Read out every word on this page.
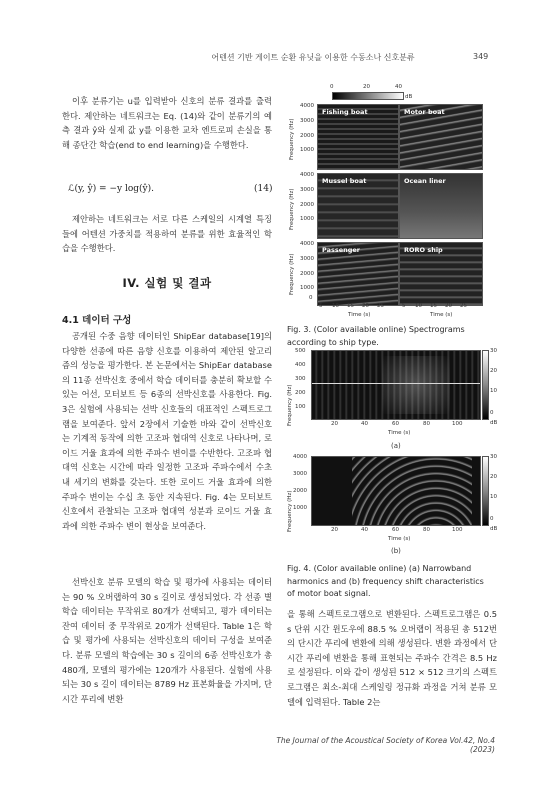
어텐션 기반 게이트 순환 유닛을 이용한 수동소나 신호분류	349

이후 분류기는 u를 입력받아 신호의 분류 결과를 출력한다. 제안하는 네트워크는 Eq. (14)와 같이 분류기의 예측 결과 ŷ와 실제 값 y를 이용한 교차 엔트로피 손실을 통해 종단간 학습(end to end learning)을 수행한다.

ℒ(y, ŷ) = −y log(ŷ).	(14)

제안하는 네트워크는 서로 다른 스케일의 시계열 특징들에 어텐션 가중치를 적용하여 분류를 위한 효율적인 학습을 수행한다.

IV. 실험 및 결과
4.1 데이터 구성

공개된 수중 음향 데이터인 ShipEar database[19]의 다양한 선종에 따른 음향 신호를 이용하여 제안된 알고리즘의 성능을 평가한다. 본 논문에서는 ShipEar database의 11종 선박신호 중에서 학습 데이터를 충분히 확보할 수 있는 어선, 모터보트 등 6종의 선박신호를 사용한다. Fig. 3은 실험에 사용되는 선박 신호들의 대표적인 스펙트로그램을 보여준다. 앞서 2장에서 기술한 바와 같이 선박신호는 기계적 동작에 의한 고조파 협대역 신호로 나타나며, 로이드 거울 효과에 의한 주파수 변이를 수반한다. 고조파 협대역 신호는 시간에 따라 일정한 고조파 주파수에서 수초 내 세기의 변화를 갖는다. 또한 로이드 거울 효과에 의한 주파수 변이는 수십 초 동안 지속된다. Fig. 4는 모터보트 신호에서 관찰되는 고조파 협대역 성분과 로이드 거울 효과에 의한 주파수 변이 현상을 보여준다.

선박신호 분류 모델의 학습 및 평가에 사용되는 데이터는 90 % 오버랩하여 30 s 길이로 생성되었다. 각 선종 별 학습 데이터는 무작위로 80개가 선택되고, 평가 데이터는 잔여 데이터 중 무작위로 20개가 선택된다. Table 1은 학습 및 평가에 사용되는 선박신호의 데이터 구성을 보여준다. 분류 모델의 학습에는 30 s 길이의 6종 선박신호가 총 480개, 모델의 평가에는 120개가 사용된다. 실험에 사용되는 30 s 길이 데이터는 8789 Hz 표본화율을 가지며, 단시간 푸리에 변환

0	20	40
dB
Frequency (Hz)
Frequency (Hz)
Frequency (Hz)
4000
3000
2000
1000
4000
3000
2000
1000
4000
3000
2000
1000
0
Fishing boat	Motor boat
Mussel boat	Ocean liner
Passenger	RORO ship
5 10 15 20 25	5 10 15 20 25
Time (s)	Time (s)
Fig. 3. (Color available online) Spectrograms according to ship type.
Frequency (Hz)
500
400
300
200
100
30
20
10
0
dB
20	40	60	80	100
Time (s)
(a)
Frequency (Hz)
4000
3000
2000
1000
30
20
10
0
dB
20	40	60	80	100
Time (s)
(b)
Fig. 4. (Color available online) (a) Narrowband harmonics and (b) frequency shift characteristics of motor boat signal.

을 통해 스펙트로그램으로 변환된다. 스펙트로그램은 0.5 s 단위 시간 윈도우에 88.5 % 오버랩이 적용된 총 512번의 단시간 푸리에 변환에 의해 생성된다. 변환 과정에서 단시간 푸리에 변환을 통해 표현되는 주파수 간격은 8.5 Hz로 설정된다. 이와 같이 생성된 512 × 512 크기의 스펙트로그램은 최소-최대 스케일링 정규화 과정을 거쳐 분류 모델에 입력된다. Table 2는

The Journal of the Acoustical Society of Korea Vol.42, No.4 (2023)
